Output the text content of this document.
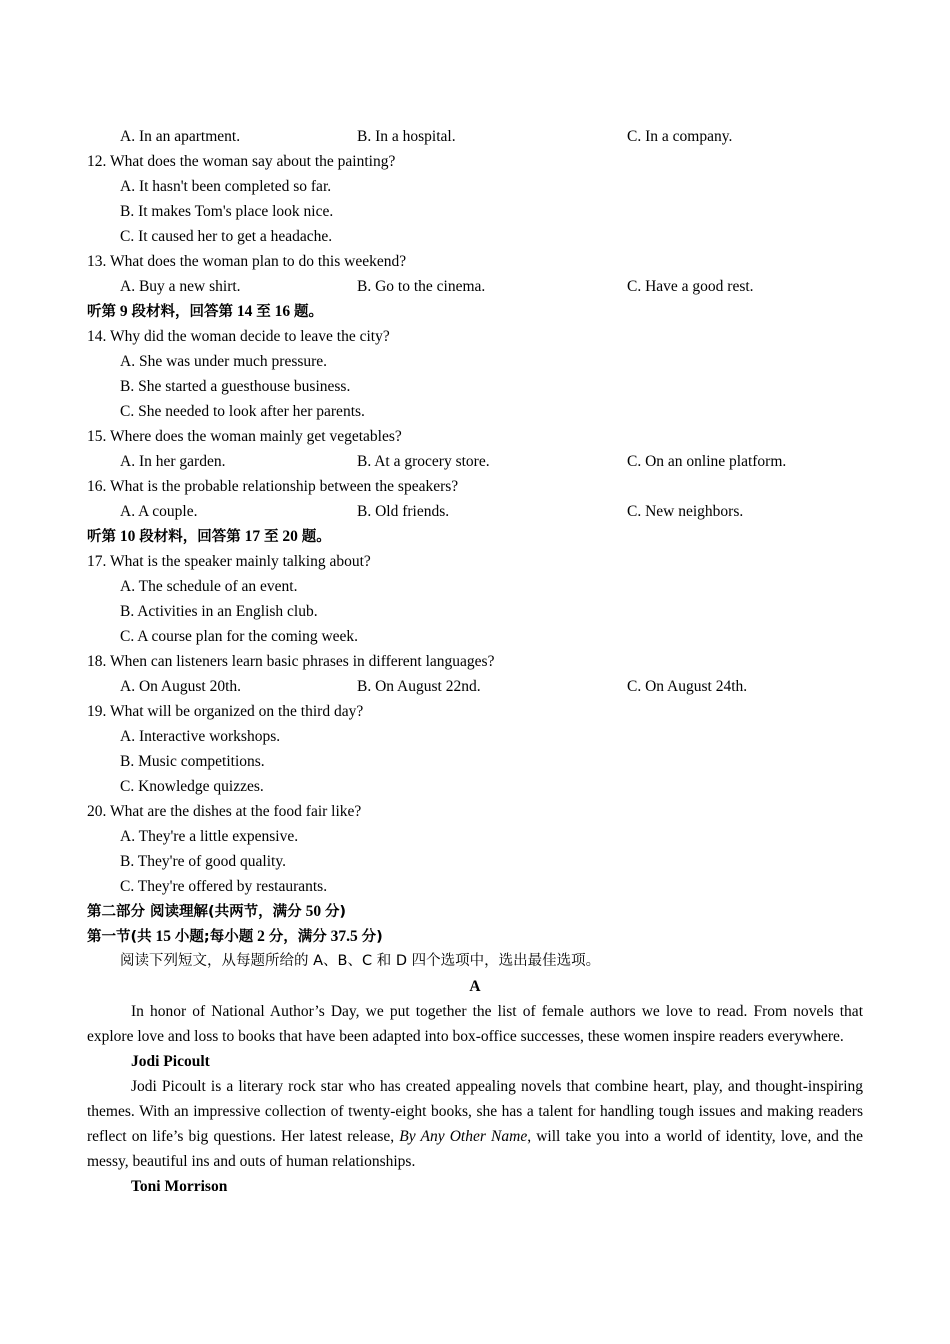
A. In an apartment.	B. In a hospital.	C. In a company.
12. What does the woman say about the painting?
A. It hasn't been completed so far.
B. It makes Tom's place look nice.
C. It caused her to get a headache.
13. What does the woman plan to do this weekend?
A. Buy a new shirt.	B. Go to the cinema.	C. Have a good rest.
听第 9 段材料，回答第 14 至 16 题。
14. Why did the woman decide to leave the city?
A. She was under much pressure.
B. She started a guesthouse business.
C. She needed to look after her parents.
15. Where does the woman mainly get vegetables?
A. In her garden.	B. At a grocery store.	C. On an online platform.
16. What is the probable relationship between the speakers?
A. A couple.	B. Old friends.	C. New neighbors.
听第 10 段材料，回答第 17 至 20 题。
17. What is the speaker mainly talking about?
A. The schedule of an event.
B. Activities in an English club.
C. A course plan for the coming week.
18. When can listeners learn basic phrases in different languages?
A. On August 20th.	B. On August 22nd.	C. On August 24th.
19. What will be organized on the third day?
A. Interactive workshops.
B. Music competitions.
C. Knowledge quizzes.
20. What are the dishes at the food fair like?
A. They're a little expensive.
B. They're of good quality.
C. They're offered by restaurants.
第二部分 阅读理解(共两节，满分 50 分)
第一节(共 15 小题;每小题 2 分，满分 37.5 分)
阅读下列短文，从每题所给的 A、B、C 和 D 四个选项中，选出最佳选项。
A

In honor of National Author’s Day, we put together the list of female authors we love to read. From novels that explore love and loss to books that have been adapted into box-office successes, these women inspire readers everywhere.

Jodi Picoult

Jodi Picoult is a literary rock star who has created appealing novels that combine heart, play, and thought-inspiring themes. With an impressive collection of twenty-eight books, she has a talent for handling tough issues and making readers reflect on life’s big questions. Her latest release, By Any Other Name, will take you into a world of identity, love, and the messy, beautiful ins and outs of human relationships.

Toni Morrison
